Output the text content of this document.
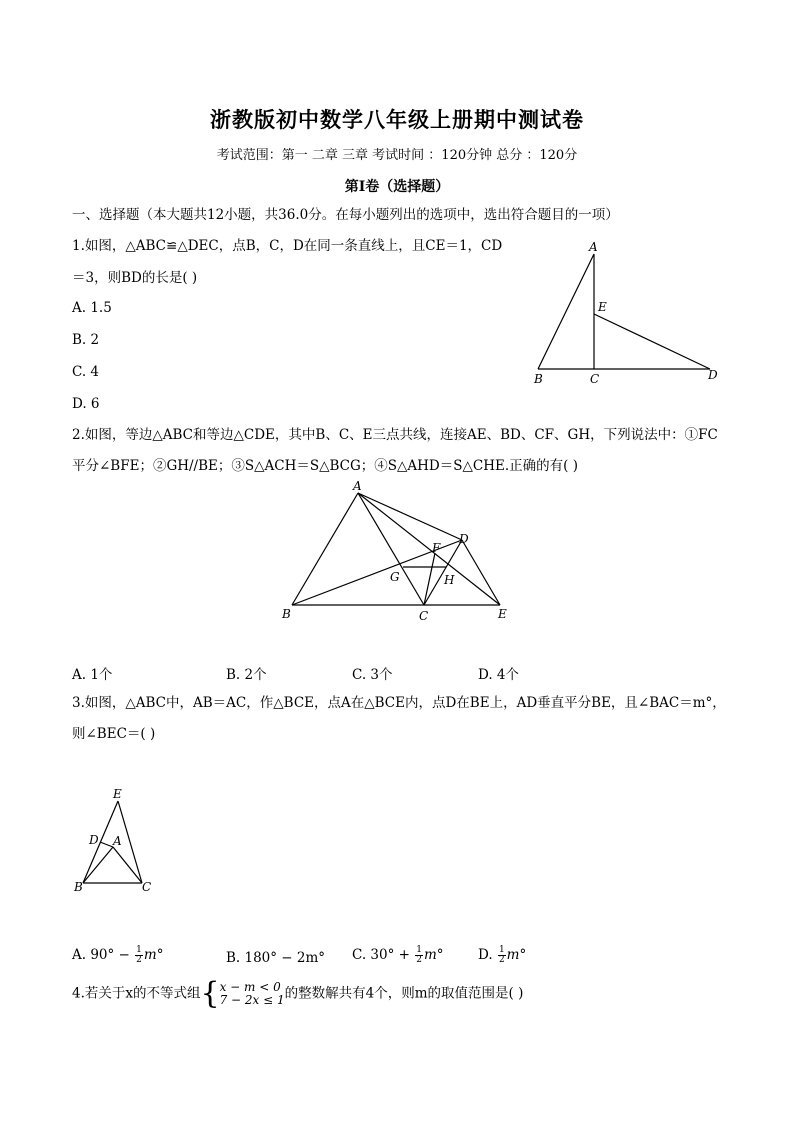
浙教版初中数学八年级上册期中测试卷
考试范围：第一 二章 三章 考试时间 ：120分钟 总分 ：120分
第Ⅰ卷（选择题）
一、选择题（本大题共12小题，共36.0分。在每小题列出的选项中，选出符合题目的一项）
1.如图，△ABC≌△DEC，点B，C，D在同一条直线上，且CE＝1，CD
＝3，则BD的长是( )
A. 1.5
B. 2
C. 4
D. 6
A
E
B	C	D
2.如图，等边△ABC和等边△CDE，其中B、C、E三点共线，连接AE、BD、CF、GH，下列说法中：①FC
平分∠BFE；②GH//BE；③S△ACH＝S△BCG；④S△AHD＝S△CHE.正确的有( )
A
D
F
G	H
B	C	E
A. 1个	B. 2个	C. 3个	D. 4个
3.如图，△ABC中，AB＝AC，作△BCE，点A在△BCE内，点D在BE上，AD垂直平分BE，且∠BAC＝m°，
则∠BEC＝( )
E
D A
B	C
A. $90^\circ - \frac{1}{2} m^\circ$	B. 180° − 2m° C. $30^\circ + \frac{1}{2} m^\circ$	D. $\frac{1}{2} m^\circ$
4.若关于x的不等式组{ x − m < 0
7 − 2x ≤ 1 的整数解共有4个，则m的取值范围是( )
